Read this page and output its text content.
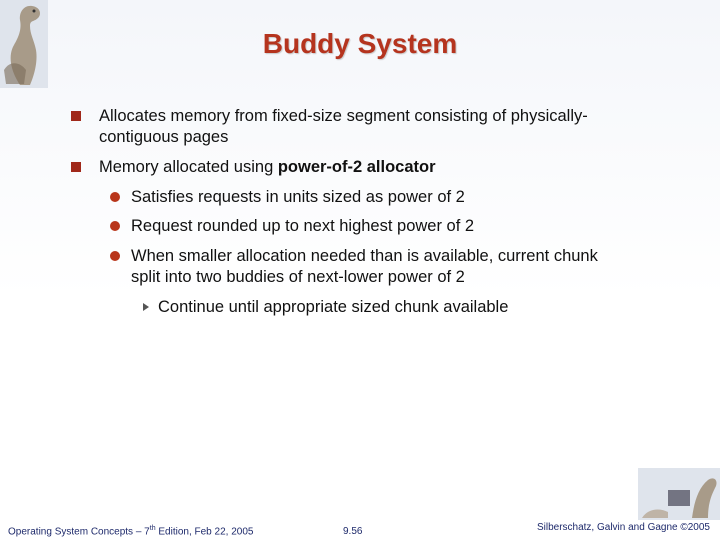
Buddy System
Allocates memory from fixed-size segment consisting of physically-contiguous pages
Memory allocated using power-of-2 allocator
Satisfies requests in units sized as power of 2
Request rounded up to next highest power of 2
When smaller allocation needed than is available, current chunk split into two buddies of next-lower power of 2
Continue until appropriate sized chunk available
Operating System Concepts – 7th Edition, Feb 22, 2005	9.56	Silberschatz, Galvin and Gagne ©2005
